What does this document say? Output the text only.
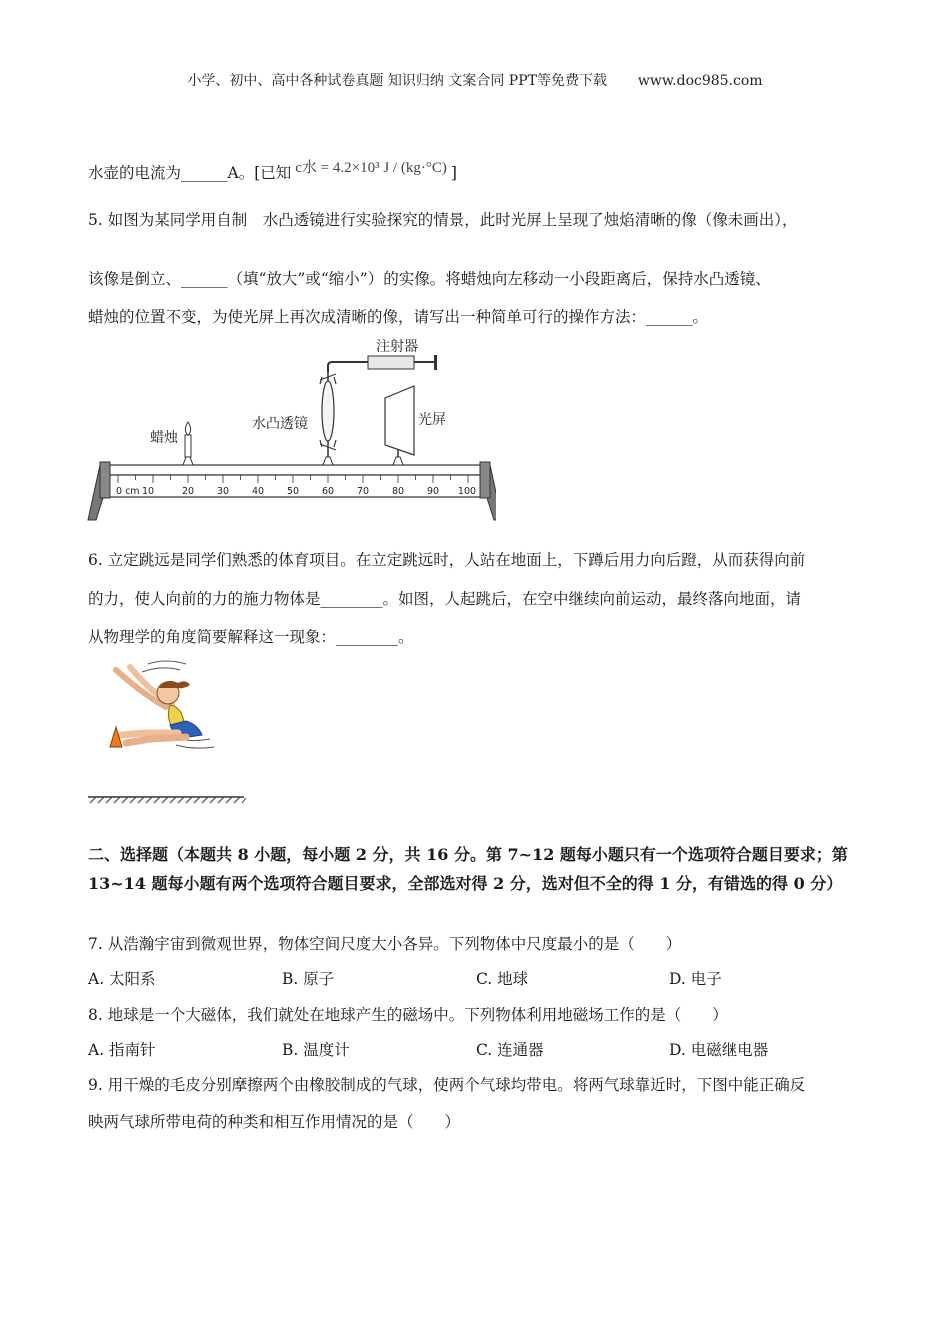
小学、初中、高中各种试卷真题 知识归纳 文案合同 PPT等免费下载 www.doc985.com
水壶的电流为______A。[已知 c水 = 4.2×10³ J / (kg·°C) ]
5. 如图为某同学用自制　水凸透镜进行实验探究的情景，此时光屏上呈现了烛焰清晰的像（像未画出），
该像是倒立、______（填“放大”或“缩小”）的实像。将蜡烛向左移动一小段距离后，保持水凸透镜、
蜡烛的位置不变，为使光屏上再次成清晰的像，请写出一种简单可行的操作方法：______。
0 cm 10	20 30 40 50 60 70 80 90 100
蜡烛
水凸透镜
注射器
光屏
6. 立定跳远是同学们熟悉的体育项目。在立定跳远时，人站在地面上，下蹲后用力向后蹬，从而获得向前
的力，使人向前的力的施力物体是________。如图，人起跳后，在空中继续向前运动，最终落向地面，请
从物理学的角度简要解释这一现象：________。
二、选择题（本题共 8 小题，每小题 2 分，共 16 分。第 7~12 题每小题只有一个选项符合题目要求；第 13~14 题每小题有两个选项符合题目要求，全部选对得 2 分，选对但不全的得 1 分，有错选的得 0 分）
7. 从浩瀚宇宙到微观世界，物体空间尺度大小各异。下列物体中尺度最小的是（　　）
A. 太阳系	B. 原子	C. 地球	D. 电子
8. 地球是一个大磁体，我们就处在地球产生的磁场中。下列物体利用地磁场工作的是（　　）
A. 指南针	B. 温度计	C. 连通器	D. 电磁继电器
9. 用干燥的毛皮分别摩擦两个由橡胶制成的气球，使两个气球均带电。将两气球靠近时，下图中能正确反
映两气球所带电荷的种类和相互作用情况的是（　　）
